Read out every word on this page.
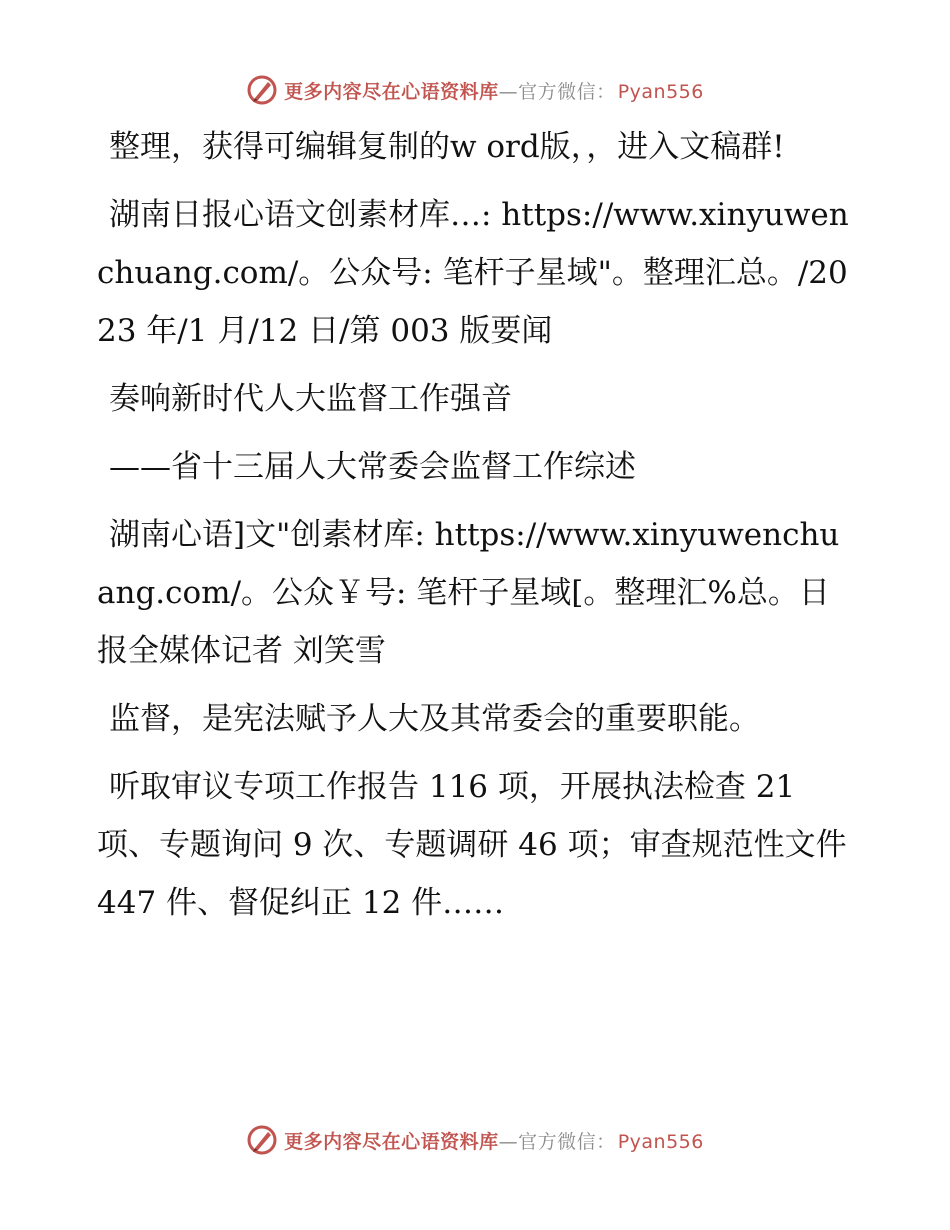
更多内容尽在心语资料库—官方微信： Pyan556

整理，获得可编辑复制的w ord版，，进入文稿群!

湖南日报心语文创素材库…: https://www.xinyuwenchuang.com/。公众号: 笔杆子星域"。整理汇总。/2023 年/1 月/12 日/第 003 版要闻

奏响新时代人大监督工作强音

——省十三届人大常委会监督工作综述

湖南心语]文"创素材库: https://www.xinyuwenchuang.com/。公众￥号: 笔杆子星域[。整理汇%总。日报全媒体记者 刘笑雪

监督，是宪法赋予人大及其常委会的重要职能。

听取审议专项工作报告 116 项，开展执法检查 21 项、专题询问 9 次、专题调研 46 项；审查规范性文件 447 件、督促纠正 12 件……

更多内容尽在心语资料库—官方微信： Pyan556
